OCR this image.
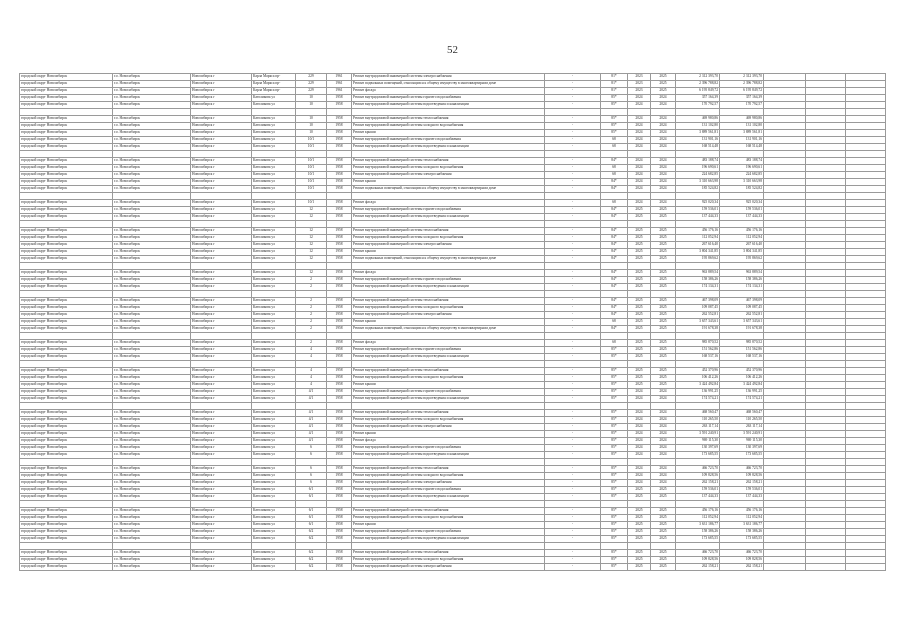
52
городской округ Новосибирск	г.о. Новосибирск	Новосибирск г	Карла Маркса пр-	229	1961	Ремонт внутридомовой инженерной системы электроснабжения	-	81*	2023	2025	2 312 393,70	2 312 393,70			
городской округ Новосибирск	г.о. Новосибирск	Новосибирск г	Карла Маркса пр-	229	1961	Ремонт подвальных помещений, относящихся к общему имуществу в многоквартирном доме	-	81*	2023	2025	2 396 788,82	2 396 788,82			
городской округ Новосибирск	г.о. Новосибирск	Новосибирск г	Карла Маркса пр-	229	1961	Ремонт фасада	-	81*	2023	2025	6 195 849,72	6 195 849,72			
городской округ Новосибирск	г.о. Новосибирск	Новосибирск г	Католикова ул	10	1958	Ремонт внутридомовой инженерной системы горячего водоснабжения	-	85*	2024	2024	357 164,39	357 164,39			
городской округ Новосибирск	г.о. Новосибирск	Новосибирск г	Католикова ул	10	1958	Ремонт внутридомовой инженерной системы водоотведения и канализации	-	85*	2024	2024	170 792,57	170 792,57			

городской округ Новосибирск	г.о. Новосибирск	Новосибирск г	Католикова ул	10	1958	Ремонт внутридомовой инженерной системы теплоснабжения	-	85*	2024	2024	469 980,86	469 980,86			
городской округ Новосибирск	г.о. Новосибирск	Новосибирск г	Католикова ул	10	1958	Ремонт внутридомовой инженерной системы холодного водоснабжения	-	85*	2024	2024	131 102,80	131 102,80			
городской округ Новосибирск	г.о. Новосибирск	Новосибирск г	Католикова ул	10	1958	Ремонт крыши	-	85*	2024	2024	3 889 561,81	3 889 561,81			
городской округ Новосибирск	г.о. Новосибирск	Новосибирск г	Католикова ул	10/1	1958	Ремонт внутридомовой инженерной системы горячего водоснабжения	-	68	2024	2024	131 901,16	131 901,16			
городской округ Новосибирск	г.о. Новосибирск	Новосибирск г	Католикова ул	10/1	1958	Ремонт внутридомовой инженерной системы водоотведения и канализации	-	68	2024	2024	168 514,48	168 514,48			

городской округ Новосибирск	г.о. Новосибирск	Новосибирск г	Католикова ул	10/1	1958	Ремонт внутридомовой инженерной системы теплоснабжения	-	84*	2024	2024	483 188,74	483 188,74			
городской округ Новосибирск	г.о. Новосибирск	Новосибирск г	Католикова ул	10/1	1958	Ремонт внутридомовой инженерной системы холодного водоснабжения	-	68	2024	2024	196 690,61	196 690,61			
городской округ Новосибирск	г.о. Новосибирск	Новосибирск г	Католикова ул	10/1	1958	Ремонт внутридомовой инженерной системы электроснабжения	-	68	2024	2024	224 682,85	224 682,85			
городской округ Новосибирск	г.о. Новосибирск	Новосибирск г	Католикова ул	10/1	1958	Ремонт крыши	-	84*	2024	2024	3 310 663,98	3 310 663,98			
городской округ Новосибирск	г.о. Новосибирск	Новосибирск г	Католикова ул	10/1	1958	Ремонт подвальных помещений, относящихся к общему имуществу в многоквартирном доме	-	84*	2024	2024	185 524,82	185 524,82			

городской округ Новосибирск	г.о. Новосибирск	Новосибирск г	Католикова ул	10/1	1958	Ремонт фасада	-	68	2024	2024	925 020,34	925 020,34			
городской округ Новосибирск	г.о. Новосибирск	Новосибирск г	Католикова ул	12	1958	Ремонт внутридомовой инженерной системы горячего водоснабжения	-	84*	2025	2025	159 536,01	159 536,01			
городской округ Новосибирск	г.о. Новосибирск	Новосибирск г	Католикова ул	12	1958	Ремонт внутридомовой инженерной системы водоотведения и канализации	-	84*	2025	2025	137 444,33	137 444,33			

городской округ Новосибирск	г.о. Новосибирск	Новосибирск г	Католикова ул	12	1958	Ремонт внутридомовой инженерной системы теплоснабжения	-	84*	2025	2025	456 176,16	456 176,16			
городской округ Новосибирск	г.о. Новосибирск	Новосибирск г	Католикова ул	12	1958	Ремонт внутридомовой инженерной системы холодного водоснабжения	-	84*	2025	2025	112 052,94	112 052,94			
городской округ Новосибирск	г.о. Новосибирск	Новосибирск г	Католикова ул	12	1958	Ремонт внутридомовой инженерной системы электроснабжения	-	84*	2025	2025	267 616,40	267 616,40			
городской округ Новосибирск	г.о. Новосибирск	Новосибирск г	Католикова ул	12	1958	Ремонт крыши	-	84*	2025	2025	3 804 341,85	3 804 341,85			
городской округ Новосибирск	г.о. Новосибирск	Новосибирск г	Католикова ул	12	1958	Ремонт подвальных помещений, относящихся к общему имуществу в многоквартирном доме	-	84*	2025	2025	195 869,62	195 869,62			

городской округ Новосибирск	г.о. Новосибирск	Новосибирск г	Католикова ул	12	1958	Ремонт фасада	-	84*	2025	2025	963 889,54	963 889,54			
городской округ Новосибирск	г.о. Новосибирск	Новосибирск г	Католикова ул	2	1958	Ремонт внутридомовой инженерной системы горячего водоснабжения	-	84*	2025	2025	158 386,26	158 386,26			
городской округ Новосибирск	г.о. Новосибирск	Новосибирск г	Католикова ул	2	1958	Ремонт внутридомовой инженерной системы водоотведения и канализации	-	84*	2025	2025	174 134,31	174 134,31			

городской округ Новосибирск	г.о. Новосибирск	Новосибирск г	Католикова ул	2	1958	Ремонт внутридомовой инженерной системы теплоснабжения	-	84*	2025	2025	467 398,09	467 398,09			
городской округ Новосибирск	г.о. Новосибирск	Новосибирск г	Католикова ул	2	1958	Ремонт внутридомовой инженерной системы холодного водоснабжения	-	84*	2025	2025	109 087,45	109 087,45			
городской округ Новосибирск	г.о. Новосибирск	Новосибирск г	Католикова ул	2	1958	Ремонт внутридомовой инженерной системы электроснабжения	-	84*	2025	2025	262 552,81	262 552,81			
городской округ Новосибирск	г.о. Новосибирск	Новосибирск г	Католикова ул	2	1958	Ремонт крыши	-	68	2025	2025	3 657 343,61	3 657 343,61			
городской округ Новосибирск	г.о. Новосибирск	Новосибирск г	Католикова ул	2	1958	Ремонт подвальных помещений, относящихся к общему имуществу в многоквартирном доме	-	84*	2025	2025	191 678,38	191 678,38			

городской округ Новосибирск	г.о. Новосибирск	Новосибирск г	Католикова ул	2	1958	Ремонт фасада	-	68	2025	2025	985 870,52	985 870,52			
городской округ Новосибирск	г.о. Новосибирск	Новосибирск г	Католикова ул	4	1958	Ремонт внутридомовой инженерной системы горячего водоснабжения	-	85*	2025	2025	151 562,86	151 562,86			
городской округ Новосибирск	г.о. Новосибирск	Новосибирск г	Католикова ул	4	1958	Ремонт внутридомовой инженерной системы водоотведения и канализации	-	85*	2025	2025	168 537,16	168 537,16			

городской округ Новосибирск	г.о. Новосибирск	Новосибирск г	Католикова ул	4	1958	Ремонт внутридомовой инженерной системы теплоснабжения	-	85*	2025	2025	452 370,96	452 370,96			
городской округ Новосибирск	г.о. Новосибирск	Новосибирск г	Католикова ул	4	1958	Ремонт внутридомовой инженерной системы холодного водоснабжения	-	85*	2025	2025	106 412,26	106 412,26			
городской округ Новосибирск	г.о. Новосибирск	Новосибирск г	Католикова ул	4	1958	Ремонт крыши	-	85*	2025	2025	3 424 492,84	3 424 492,84			
городской округ Новосибирск	г.о. Новосибирск	Новосибирск г	Католикова ул	4/1	1958	Ремонт внутридомовой инженерной системы горячего водоснабжения	-	85*	2024	2024	136 991,25	136 991,25			
городской округ Новосибирск	г.о. Новосибирск	Новосибирск г	Католикова ул	4/1	1958	Ремонт внутридомовой инженерной системы водоотведения и канализации	-	85*	2024	2024	174 574,21	174 574,21			

городской округ Новосибирск	г.о. Новосибирск	Новосибирск г	Католикова ул	4/1	1958	Ремонт внутридомовой инженерной системы теплоснабжения	-	85*	2024	2024	468 560,47	468 560,47			
городской округ Новосибирск	г.о. Новосибирск	Новосибирск г	Католикова ул	4/1	1958	Ремонт внутридомовой инженерной системы холодного водоснабжения	-	85*	2024	2024	110 265,50	110 265,50			
городской округ Новосибирск	г.о. Новосибирск	Новосибирск г	Католикова ул	4/1	1958	Ремонт внутридомовой инженерной системы электроснабжения	-	85*	2024	2024	263 117,14	263 117,14			
городской округ Новосибирск	г.о. Новосибирск	Новосибирск г	Католикова ул	4/1	1958	Ремонт крыши	-	85*	2024	2024	3 591 240,91	3 591 240,91			
городской округ Новосибирск	г.о. Новосибирск	Новосибирск г	Католикова ул	4/1	1958	Ремонт фасада	-	85*	2024	2024	969 115,30	969 115,30			
городской округ Новосибирск	г.о. Новосибирск	Новосибирск г	Католикова ул	6	1958	Ремонт внутридомовой инженерной системы горячего водоснабжения	-	85*	2024	2024	130 397,69	130 397,69			
городской округ Новосибирск	г.о. Новосибирск	Новосибирск г	Католикова ул	6	1958	Ремонт внутридомовой инженерной системы водоотведения и канализации	-	85*	2024	2024	173 685,55	173 685,55			

городской округ Новосибирск	г.о. Новосибирск	Новосибирск г	Католикова ул	6	1958	Ремонт внутридомовой инженерной системы теплоснабжения	-	85*	2024	2024	466 723,70	466 723,70			
городской округ Новосибирск	г.о. Новосибирск	Новосибирск г	Католикова ул	6	1958	Ремонт внутридомовой инженерной системы холодного водоснабжения	-	85*	2024	2024	109 828,56	109 828,56			
городской округ Новосибирск	г.о. Новосибирск	Новосибирск г	Католикова ул	6	1958	Ремонт внутридомовой инженерной системы электроснабжения	-	85*	2024	2024	262 158,21	262 158,21			
городской округ Новосибирск	г.о. Новосибирск	Новосибирск г	Католикова ул	6/1	1958	Ремонт внутридомовой инженерной системы горячего водоснабжения	-	85*	2025	2025	159 536,01	159 536,01			
городской округ Новосибирск	г.о. Новосибирск	Новосибирск г	Католикова ул	6/1	1958	Ремонт внутридомовой инженерной системы водоотведения и канализации	-	85*	2025	2025	137 444,33	137 444,33			

городской округ Новосибирск	г.о. Новосибирск	Новосибирск г	Католикова ул	6/1	1958	Ремонт внутридомовой инженерной системы теплоснабжения	-	85*	2025	2025	456 176,16	456 176,16			
городской округ Новосибирск	г.о. Новосибирск	Новосибирск г	Католикова ул	6/1	1958	Ремонт внутридомовой инженерной системы холодного водоснабжения	-	85*	2025	2025	112 052,94	112 052,94			
городской округ Новосибирск	г.о. Новосибирск	Новосибирск г	Католикова ул	6/1	1958	Ремонт крыши	-	85*	2025	2025	3 631 186,77	3 631 186,77			
городской округ Новосибирск	г.о. Новосибирск	Новосибирск г	Католикова ул	6/2	1958	Ремонт внутридомовой инженерной системы горячего водоснабжения	-	85*	2025	2025	158 386,26	158 386,26			
городской округ Новосибирск	г.о. Новосибирск	Новосибирск г	Католикова ул	6/2	1958	Ремонт внутридомовой инженерной системы водоотведения и канализации	-	85*	2025	2025	173 685,55	173 685,55			

городской округ Новосибирск	г.о. Новосибирск	Новосибирск г	Католикова ул	6/2	1958	Ремонт внутридомовой инженерной системы теплоснабжения	-	85*	2025	2025	466 723,70	466 723,70			
городской округ Новосибирск	г.о. Новосибирск	Новосибирск г	Католикова ул	6/2	1958	Ремонт внутридомовой инженерной системы холодного водоснабжения	-	85*	2025	2025	109 828,56	109 828,56			
городской округ Новосибирск	г.о. Новосибирск	Новосибирск г	Католикова ул	6/2	1958	Ремонт внутридомовой инженерной системы электроснабжения	-	85*	2025	2025	262 158,21	262 158,21			
